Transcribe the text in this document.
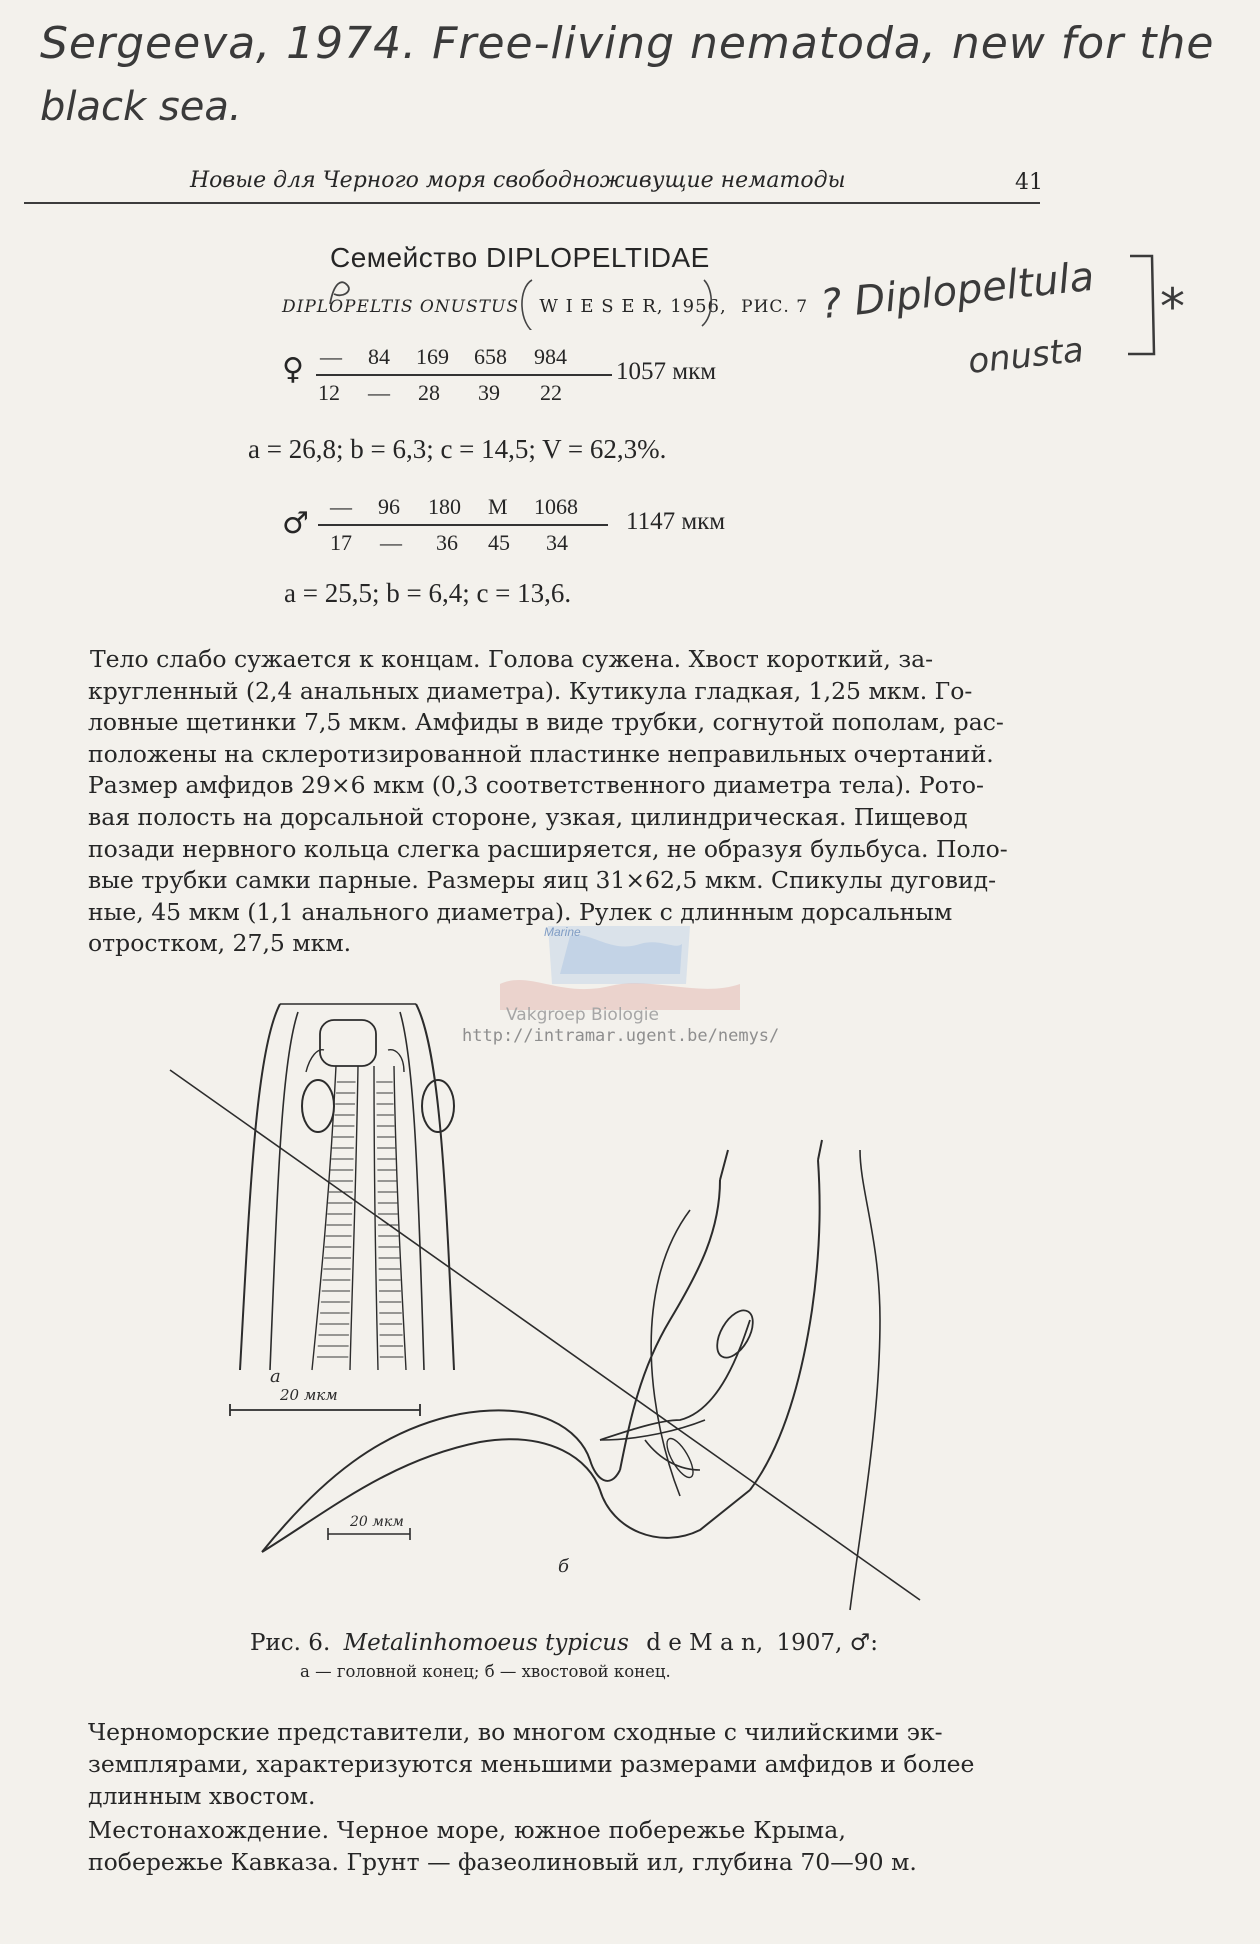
Sergeeva, 1974. Free-living nematoda, new for the
black sea.
? Diplopeltula
onusta
*
Новые для Черного моря свободноживущие нематоды	41
Семейство DIPLOPELTIDAE
DIPLOPELTIS ONUSTUS W I E S E R, 1956, РИС. 7
♀ — 84 169 658 984
12 — 28 39 22
1057 мкм
a = 26,8; b = 6,3; c = 14,5; V = 62,3%.
♂ — 96 180 M 1068
17 — 36 45 34
1147 мкм
a = 25,5; b = 6,4; c = 13,6.

Тело слабо сужается к концам. Голова сужена. Хвост короткий, за-

кругленный (2,4 анальных диаметра). Кутикула гладкая, 1,25 мкм. Го-

ловные щетинки 7,5 мкм. Амфиды в виде трубки, согнутой пополам, рас-

положены на склеротизированной пластинке неправильных очертаний.

Размер амфидов 29×6 мкм (0,3 соответственного диаметра тела). Рото-

вая полость на дорсальной стороне, узкая, цилиндрическая. Пищевод

позади нервного кольца слегка расширяется, не образуя бульбуса. Поло-

вые трубки самки парные. Размеры яиц 31×62,5 мкм. Спикулы дуговид-

ные, 45 мкм (1,1 анального диаметра). Рулек с длинным дорсальным

отростком, 27,5 мкм.	Marine
Vakgroep Biologie
http://intramar.ugent.be/nemys/
20 мкм
а
20 мкм
б
Рис. 6. Metalinhomoeus typicus d e M a n, 1907, ♂:
а — головной конец; б — хвостовой конец.

Черноморские представители, во многом сходные с чилийскими эк-

земплярами, характеризуются меньшими размерами амфидов и более

длинным хвостом.

Местонахождение. Черное море, южное побережье Крыма,

побережье Кавказа. Грунт — фазеолиновый ил, глубина 70—90 м.
